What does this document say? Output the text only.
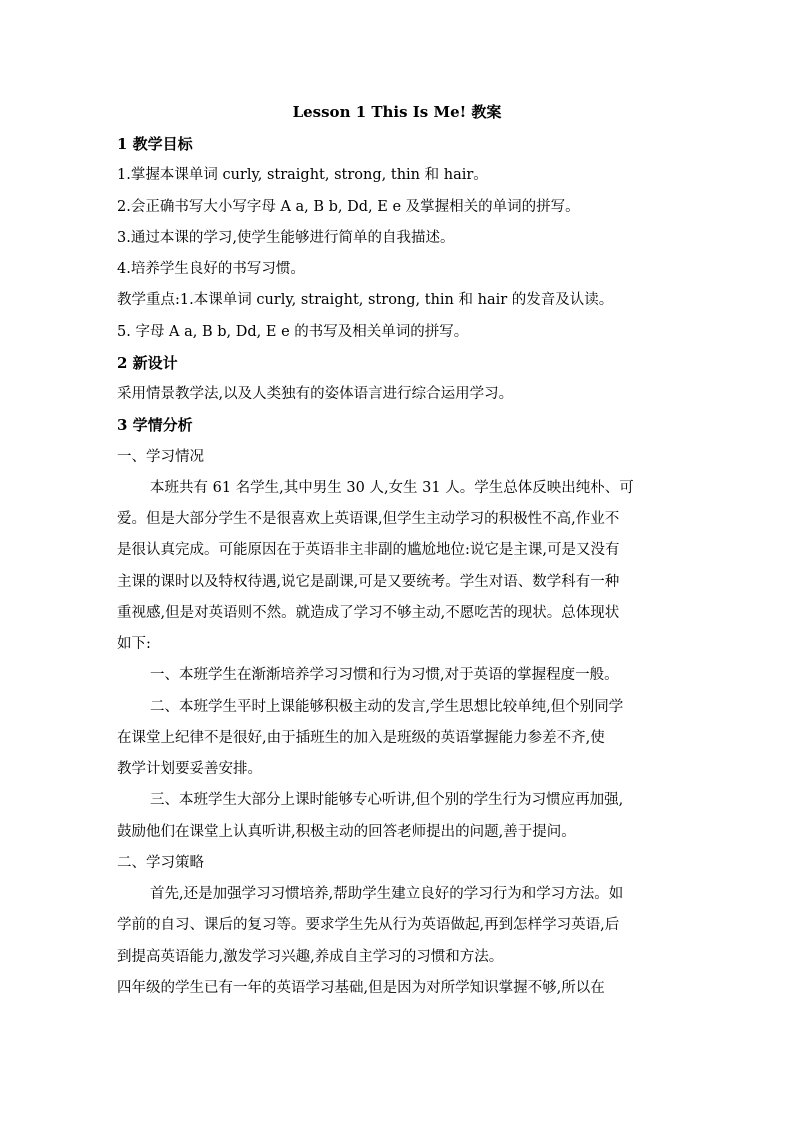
Lesson 1 This Is Me! 教案
1 教学目标
1.掌握本课单词 curly, straight, strong, thin 和 hair。
2.会正确书写大小写字母 A a, B b, Dd, E e 及掌握相关的单词的拼写。
3.通过本课的学习,使学生能够进行简单的自我描述。
4.培养学生良好的书写习惯。
教学重点:1.本课单词 curly, straight, strong, thin 和 hair 的发音及认读。
5. 字母 A a, B b, Dd, E e 的书写及相关单词的拼写。
2 新设计
采用情景教学法,以及人类独有的姿体语言进行综合运用学习。
3 学情分析
一、学习情况
本班共有 61 名学生,其中男生 30 人,女生 31 人。学生总体反映出纯朴、可
爱。但是大部分学生不是很喜欢上英语课,但学生主动学习的积极性不高,作业不
是很认真完成。可能原因在于英语非主非副的尴尬地位:说它是主课,可是又没有
主课的课时以及特权待遇,说它是副课,可是又要统考。学生对语、数学科有一种
重视感,但是对英语则不然。就造成了学习不够主动,不愿吃苦的现状。总体现状
如下:
一、本班学生在渐渐培养学习习惯和行为习惯,对于英语的掌握程度一般。
二、本班学生平时上课能够积极主动的发言,学生思想比较单纯,但个别同学
在课堂上纪律不是很好,由于插班生的加入是班级的英语掌握能力参差不齐,使
教学计划要妥善安排。
三、本班学生大部分上课时能够专心听讲,但个别的学生行为习惯应再加强,
鼓励他们在课堂上认真听讲,积极主动的回答老师提出的问题,善于提问。
二、学习策略
首先,还是加强学习习惯培养,帮助学生建立良好的学习行为和学习方法。如
学前的自习、课后的复习等。要求学生先从行为英语做起,再到怎样学习英语,后
到提高英语能力,激发学习兴趣,养成自主学习的习惯和方法。
四年级的学生已有一年的英语学习基础,但是因为对所学知识掌握不够,所以在
